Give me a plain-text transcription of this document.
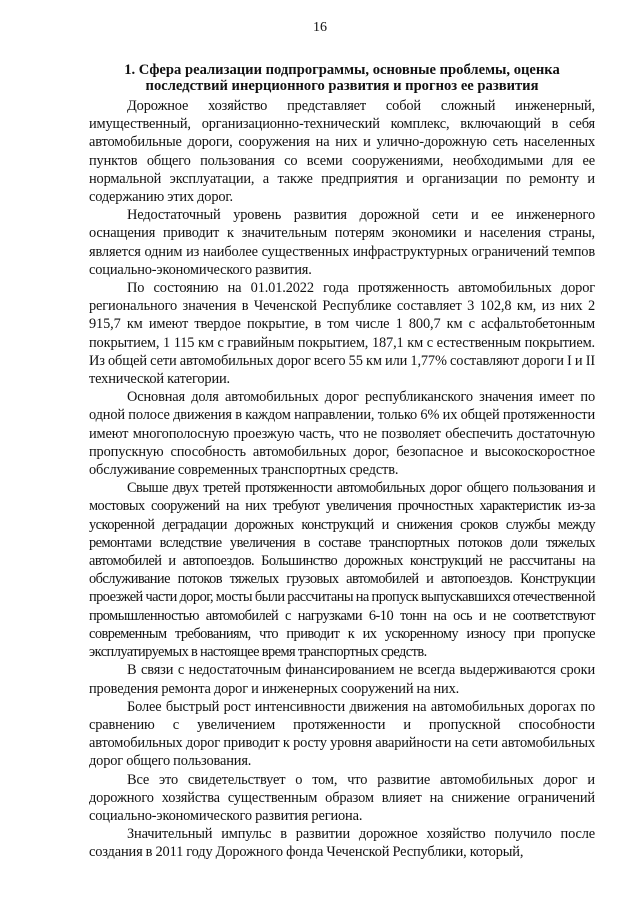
16
1. Сфера реализации подпрограммы, основные проблемы, оценка последствий инерционного развития и прогноз ее развития

Дорожное хозяйство представляет собой сложный инженерный, имущественный, организационно-технический комплекс, включающий в себя автомобильные дороги, сооружения на них и улично-дорожную сеть населенных пунктов общего пользования со всеми сооружениями, необходимыми для ее нормальной эксплуатации, а также предприятия и организации по ремонту и содержанию этих дорог.

Недостаточный уровень развития дорожной сети и ее инженерного оснащения приводит к значительным потерям экономики и населения страны, является одним из наиболее существенных инфраструктурных ограничений темпов социально-экономического развития.

По состоянию на 01.01.2022 года протяженность автомобильных дорог регионального значения в Чеченской Республике составляет 3 102,8 км, из них 2 915,7 км имеют твердое покрытие, в том числе 1 800,7 км с асфальтобетонным покрытием, 1 115 км с гравийным покрытием, 187,1 км с естественным покрытием. Из общей сети автомобильных дорог всего 55 км или 1,77% составляют дороги I и II технической категории.

Основная доля автомобильных дорог республиканского значения имеет по одной полосе движения в каждом направлении, только 6% их общей протяженности имеют многополосную проезжую часть, что не позволяет обеспечить достаточную пропускную способность автомобильных дорог, безопасное и высокоскоростное обслуживание современных транспортных средств.

Свыше двух третей протяженности автомобильных дорог общего пользования и мостовых сооружений на них требуют увеличения прочностных характеристик из-за ускоренной деградации дорожных конструкций и снижения сроков службы между ремонтами вследствие увеличения в составе транспортных потоков доли тяжелых автомобилей и автопоездов. Большинство дорожных конструкций не рассчитаны на обслуживание потоков тяжелых грузовых автомобилей и автопоездов. Конструкции проезжей части дорог, мосты были рассчитаны на пропуск выпускавшихся отечественной промышленностью автомобилей с нагрузками 6-10 тонн на ось и не соответствуют современным требованиям, что приводит к их ускоренному износу при пропуске эксплуатируемых в настоящее время транспортных средств.

В связи с недостаточным финансированием не всегда выдерживаются сроки проведения ремонта дорог и инженерных сооружений на них.

Более быстрый рост интенсивности движения на автомобильных дорогах по сравнению с увеличением протяженности и пропускной способности автомобильных дорог приводит к росту уровня аварийности на сети автомобильных дорог общего пользования.

Все это свидетельствует о том, что развитие автомобильных дорог и дорожного хозяйства существенным образом влияет на снижение ограничений социально-экономического развития региона.

Значительный импульс в развитии дорожное хозяйство получило после создания в 2011 году Дорожного фонда Чеченской Республики, который,
